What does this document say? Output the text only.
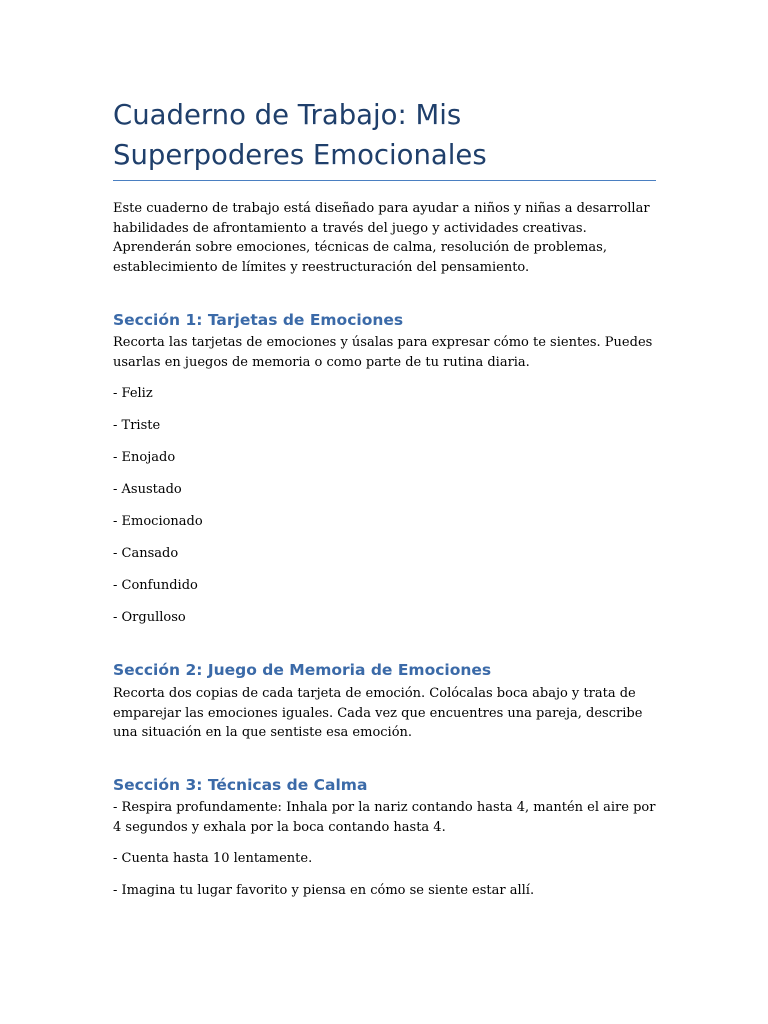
Cuaderno de Trabajo: Mis Superpoderes Emocionales

Este cuaderno de trabajo está diseñado para ayudar a niños y niñas a desarrollar habilidades de afrontamiento a través del juego y actividades creativas. Aprenderán sobre emociones, técnicas de calma, resolución de problemas, establecimiento de límites y reestructuración del pensamiento.

Sección 1: Tarjetas de Emociones

Recorta las tarjetas de emociones y úsalas para expresar cómo te sientes. Puedes usarlas en juegos de memoria o como parte de tu rutina diaria.

- Feliz

- Triste

- Enojado

- Asustado

- Emocionado

- Cansado

- Confundido

- Orgulloso

Sección 2: Juego de Memoria de Emociones

Recorta dos copias de cada tarjeta de emoción. Colócalas boca abajo y trata de emparejar las emociones iguales. Cada vez que encuentres una pareja, describe una situación en la que sentiste esa emoción.

Sección 3: Técnicas de Calma

- Respira profundamente: Inhala por la nariz contando hasta 4, mantén el aire por 4 segundos y exhala por la boca contando hasta 4.

- Cuenta hasta 10 lentamente.

- Imagina tu lugar favorito y piensa en cómo se siente estar allí.
